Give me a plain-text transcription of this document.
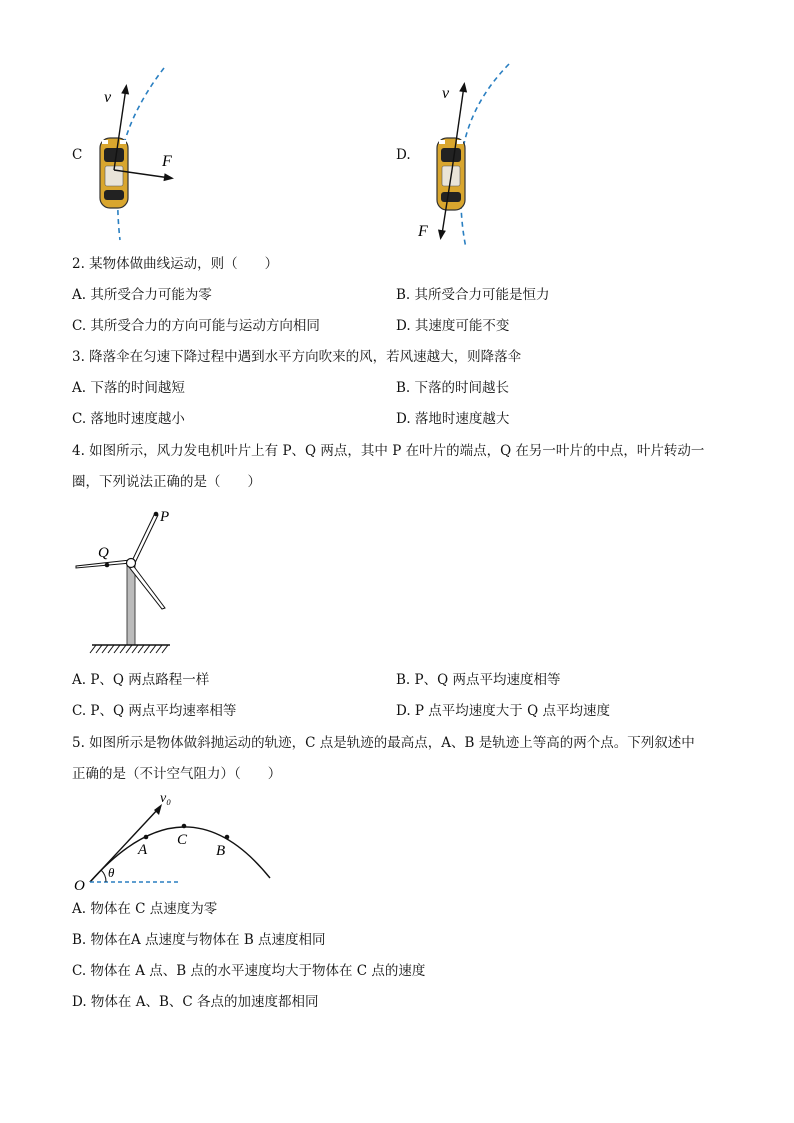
C
v
F	D.
v
F
2. 某物体做曲线运动，则（　　）
A. 其所受合力可能为零	B. 其所受合力可能是恒力
C. 其所受合力的方向可能与运动方向相同	D. 其速度可能不变
3. 降落伞在匀速下降过程中遇到水平方向吹来的风，若风速越大，则降落伞
A. 下落的时间越短	B. 下落的时间越长
C. 落地时速度越小	D. 落地时速度越大
4. 如图所示，风力发电机叶片上有 P、Q 两点，其中 P 在叶片的端点，Q 在另一叶片的中点，叶片转动一
圈，下列说法正确的是（　　）
P
Q
A. P、Q 两点路程一样	B. P、Q 两点平均速度相等
C. P、Q 两点平均速率相等	D. P 点平均速度大于 Q 点平均速度
5. 如图所示是物体做斜抛运动的轨迹，C 点是轨迹的最高点，A、B 是轨迹上等高的两个点。下列叙述中
正确的是（不计空气阻力）（　　）
v₀
A
C
B
O
θ
A. 物体在 C 点速度为零
B. 物体在A 点速度与物体在 B 点速度相同
C. 物体在 A 点、B 点的水平速度均大于物体在 C 点的速度
D. 物体在 A、B、C 各点的加速度都相同
